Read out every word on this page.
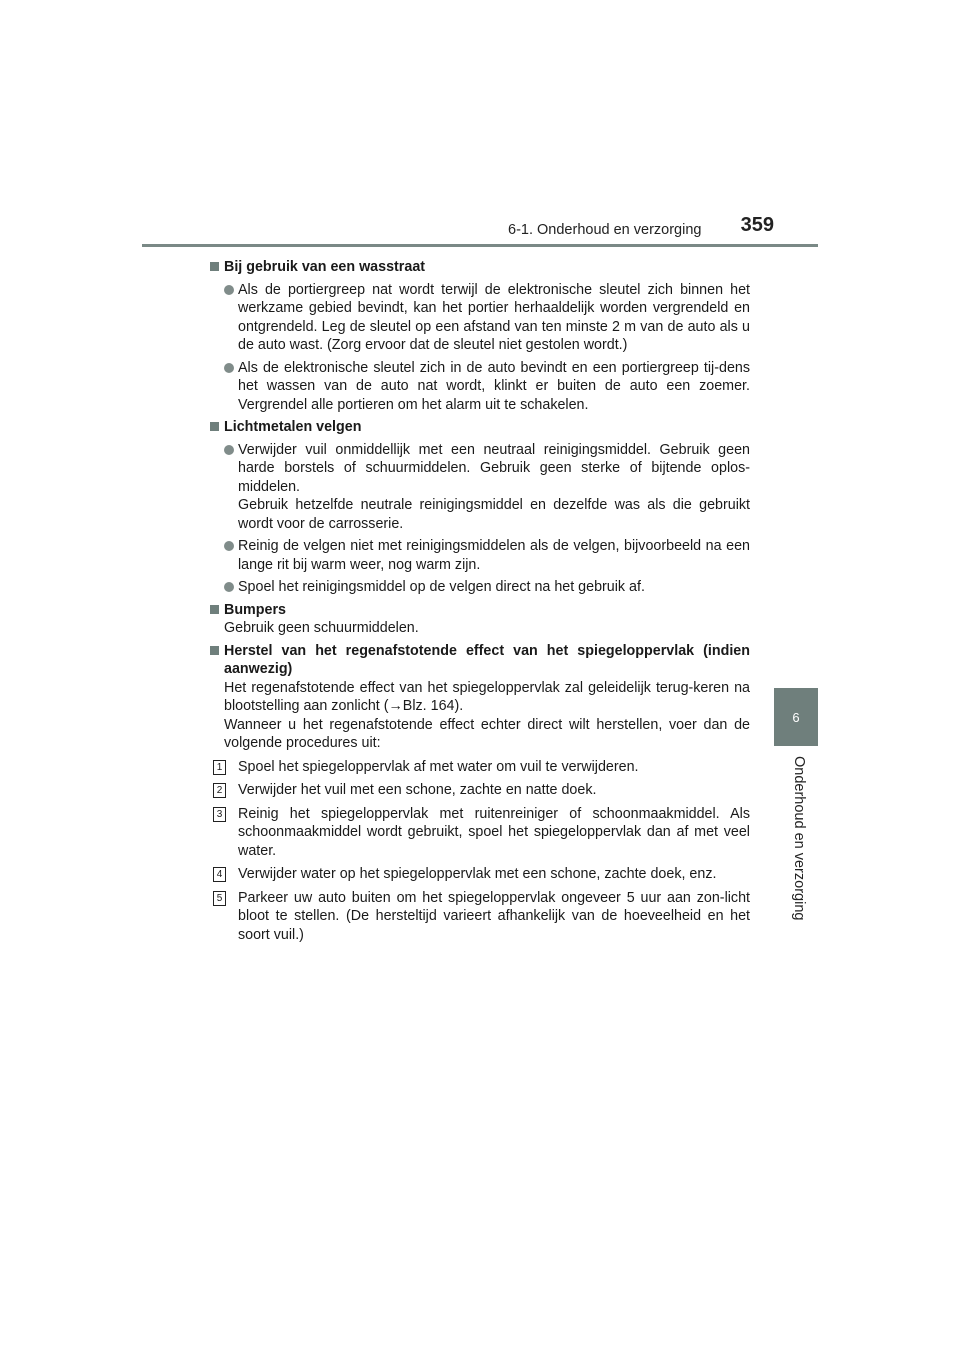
6-1. Onderhoud en verzorging 359
6
Onderhoud en verzorging
Bij gebruik van een wasstraat
Als de portiergreep nat wordt terwijl de elektronische sleutel zich binnen het werkzame gebied bevindt, kan het portier herhaaldelijk worden vergrendeld en ontgrendeld. Leg de sleutel op een afstand van ten minste 2 m van de auto als u de auto wast. (Zorg ervoor dat de sleutel niet gestolen wordt.)
Als de elektronische sleutel zich in de auto bevindt en een portiergreep tij-dens het wassen van de auto nat wordt, klinkt er buiten de auto een zoemer. Vergrendel alle portieren om het alarm uit te schakelen.
Lichtmetalen velgen
Verwijder vuil onmiddellijk met een neutraal reinigingsmiddel. Gebruik geen harde borstels of schuurmiddelen. Gebruik geen sterke of bijtende oplos-middelen.
Gebruik hetzelfde neutrale reinigingsmiddel en dezelfde was als die gebruikt wordt voor de carrosserie.
Reinig de velgen niet met reinigingsmiddelen als de velgen, bijvoorbeeld na een lange rit bij warm weer, nog warm zijn.
Spoel het reinigingsmiddel op de velgen direct na het gebruik af.
Bumpers
Gebruik geen schuurmiddelen.
Herstel van het regenafstotende effect van het spiegeloppervlak (indien aanwezig)
Het regenafstotende effect van het spiegeloppervlak zal geleidelijk terug-keren na blootstelling aan zonlicht (→Blz. 164).
Wanneer u het regenafstotende effect echter direct wilt herstellen, voer dan de volgende procedures uit:
1 Spoel het spiegeloppervlak af met water om vuil te verwijderen.
2 Verwijder het vuil met een schone, zachte en natte doek.
3 Reinig het spiegeloppervlak met ruitenreiniger of schoonmaakmiddel. Als schoonmaakmiddel wordt gebruikt, spoel het spiegeloppervlak dan af met veel water.
4 Verwijder water op het spiegeloppervlak met een schone, zachte doek, enz.
5 Parkeer uw auto buiten om het spiegeloppervlak ongeveer 5 uur aan zon-licht bloot te stellen. (De hersteltijd varieert afhankelijk van de hoeveelheid en het soort vuil.)
